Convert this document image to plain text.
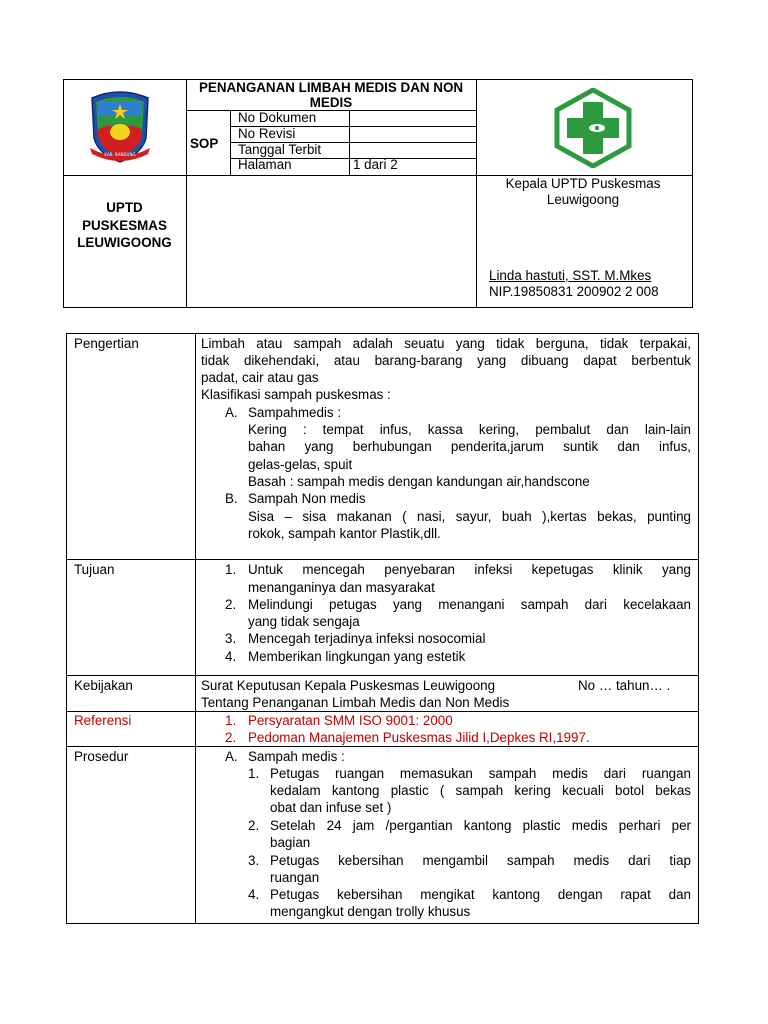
KAB. BANDUNG
PENANGANAN LIMBAH MEDIS DAN NON MEDIS
SOP
No Dokumen
No Revisi
Tanggal Terbit
Halaman	1 dari 2
UPTD
PUSKESMAS
LEUWIGOONG
Kepala UPTD Puskesmas
Leuwigoong
Linda hastuti, SST. M.Mkes
NIP.19850831 200902 2 008
Pengertian	Limbah atau sampah adalah seuatu yang tidak berguna, tidak terpakai,
tidak dikehendaki, atau barang-barang yang dibuang dapat berbentuk
padat, cair atau gas
Klasifikasi sampah puskesmas :
A. Sampahmedis :
Kering : tempat infus, kassa kering, pembalut dan lain-lain
bahan yang berhubungan penderita,jarum suntik dan infus,
gelas-gelas, spuit
Basah : sampah medis dengan kandungan air,handscone
B. Sampah Non medis
Sisa – sisa makanan ( nasi, sayur, buah ),kertas bekas, punting
rokok, sampah kantor Plastik,dll.
Tujuan	1. Untuk mencegah penyebaran infeksi kepetugas klinik yang
menanganinya dan masyarakat
2. Melindungi petugas yang menangani sampah dari kecelakaan
yang tidak sengaja
3. Mencegah terjadinya infeksi nosocomial
4. Memberikan lingkungan yang estetik
Kebijakan	Surat Keputusan Kepala Puskesmas Leuwigoong	No … tahun… .
Tentang Penanganan Limbah Medis dan Non Medis
Referensi	1. Persyaratan SMM ISO 9001: 2000
2. Pedoman Manajemen Puskesmas Jilid I,Depkes RI,1997.
Prosedur	A. Sampah medis :
1. Petugas ruangan memasukan sampah medis dari ruangan
kedalam kantong plastic ( sampah kering kecuali botol bekas
obat dan infuse set )
2. Setelah 24 jam /pergantian kantong plastic medis perhari per
bagian
3. Petugas kebersihan mengambil sampah medis dari tiap
ruangan
4. Petugas kebersihan mengikat kantong dengan rapat dan
mengangkut dengan trolly khusus
